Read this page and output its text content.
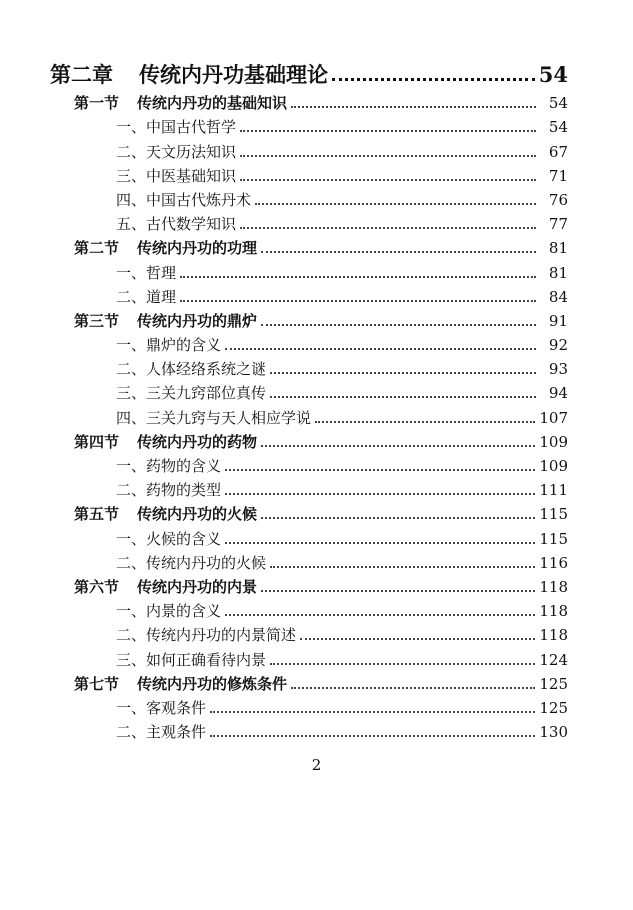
第二章 传统内丹功基础理论	54
第一节 传统内丹功的基础知识	54
一、中国古代哲学	54
二、天文历法知识	67
三、中医基础知识	71
四、中国古代炼丹术	76
五、古代数学知识	77
第二节 传统内丹功的功理	81
一、哲理	81
二、道理	84
第三节 传统内丹功的鼎炉	91
一、鼎炉的含义	92
二、人体经络系统之谜	93
三、三关九窍部位真传	94
四、三关九窍与天人相应学说	107
第四节 传统内丹功的药物	109
一、药物的含义	109
二、药物的类型	111
第五节 传统内丹功的火候	115
一、火候的含义	115
二、传统内丹功的火候	116
第六节 传统内丹功的内景	118
一、内景的含义	118
二、传统内丹功的内景简述	118
三、如何正确看待内景	124
第七节 传统内丹功的修炼条件	125
一、客观条件	125
二、主观条件	130
2
